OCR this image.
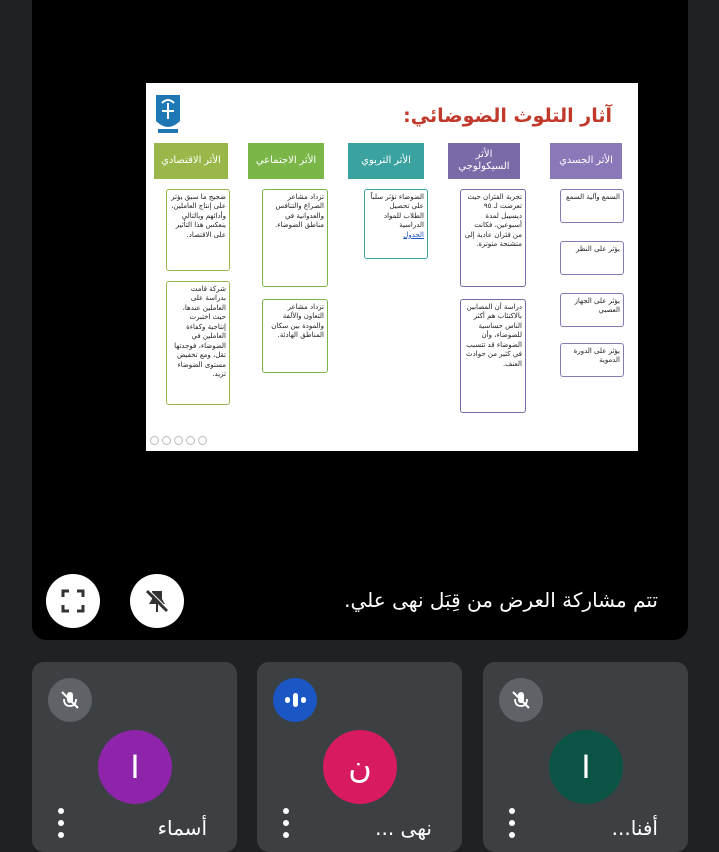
آثار التلوث الضوضائي:
الأثر الجسدي
الأثر السيكولوجي
الأثر التربوي
الأثر الاجتماعي
الأثر الاقتصادي
السمع وآلية السمع
يؤثر على النظر
يؤثر على الجهاز العصبي
يؤثر على الدورة الدموية
تجربة الفئران حيث تعرضت لـ ٩٥ ديسيبل لمدة أسبوعين، فكانت من فئران عادية إلى متشنجة متوترة.
دراسة أن المصابين بالاكتئاب هم أكثر الناس حساسية للضوضاء، وأن الضوضاء قد تتسبب في كثير من حوادث العنف.
الضوضاء تؤثر سلباً على تحصيل الطلاب للمواد الدراسية
الجدول
تزداد مشاعر الصراع والتنافس والعدوانية في مناطق الضوضاء.
تزداد مشاعر التعاون والألفة والمودة بين سكان المناطق الهادئة.
ضجيج ما سبق يؤثر على إنتاج العاملين، وأدائهم وبالتالي ينعكس هذا التأثير على الاقتصاد.
شركة قامت بدراسة على العاملين عندها، حيث اختبرت إنتاجية وكفاءة العاملين في الضوضاء، فوجدتها تقل، ومع تخفيض مستوى الضوضاء تزيد.
تتم مشاركة العرض من قِبَل نهى علي.
I
أسماء
ن
نهى ...
I
أفنا...
